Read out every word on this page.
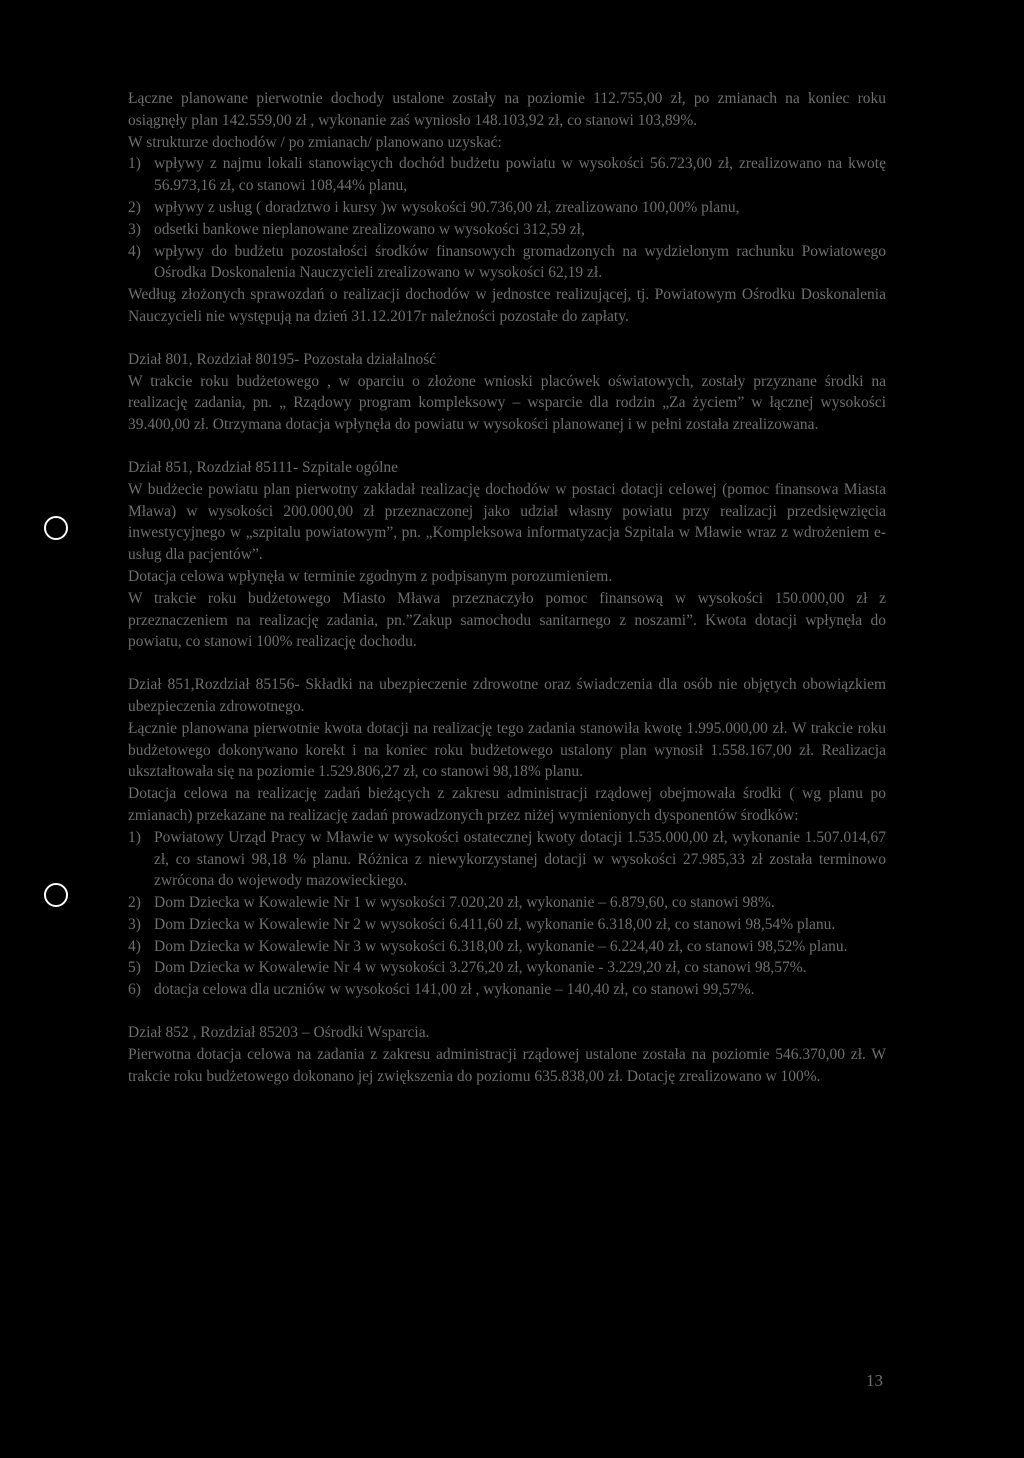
Łączne planowane pierwotnie dochody ustalone zostały na poziomie 112.755,00 zł, po zmianach na koniec roku osiągnęły plan 142.559,00 zł , wykonanie zaś wyniosło 148.103,92 zł, co stanowi 103,89%.

W strukturze dochodów / po zmianach/ planowano uzyskać:

1) wpływy z najmu lokali stanowiących dochód budżetu powiatu w wysokości 56.723,00 zł, zrealizowano na kwotę 56.973,16 zł, co stanowi 108,44% planu,
2) wpływy z usług ( doradztwo i kursy )w wysokości 90.736,00 zł, zrealizowano 100,00% planu,
3) odsetki bankowe nieplanowane zrealizowano w wysokości 312,59 zł,
4) wpływy do budżetu pozostałości środków finansowych gromadzonych na wydzielonym rachunku Powiatowego Ośrodka Doskonalenia Nauczycieli zrealizowano w wysokości 62,19 zł.

Według złożonych sprawozdań o realizacji dochodów w jednostce realizującej, tj. Powiatowym Ośrodku Doskonalenia Nauczycieli nie występują na dzień 31.12.2017r należności pozostałe do zapłaty.

Dział 801, Rozdział 80195- Pozostała działalność

W trakcie roku budżetowego , w oparciu o złożone wnioski placówek oświatowych, zostały przyznane środki na realizację zadania, pn. „ Rządowy program kompleksowy – wsparcie dla rodzin „Za życiem” w łącznej wysokości 39.400,00 zł. Otrzymana dotacja wpłynęła do powiatu w wysokości planowanej i w pełni została zrealizowana.

Dział 851, Rozdział 85111- Szpitale ogólne

W budżecie powiatu plan pierwotny zakładał realizację dochodów w postaci dotacji celowej (pomoc finansowa Miasta Mława) w wysokości 200.000,00 zł przeznaczonej jako udział własny powiatu przy realizacji przedsięwzięcia inwestycyjnego w „szpitalu powiatowym”, pn. „Kompleksowa informatyzacja Szpitala w Mławie wraz z wdrożeniem e-usług dla pacjentów”.

Dotacja celowa wpłynęła w terminie zgodnym z podpisanym porozumieniem.

W trakcie roku budżetowego Miasto Mława przeznaczyło pomoc finansową w wysokości 150.000,00 zł z przeznaczeniem na realizację zadania, pn.”Zakup samochodu sanitarnego z noszami”. Kwota dotacji wpłynęła do powiatu, co stanowi 100% realizację dochodu.

Dział 851,Rozdział 85156- Składki na ubezpieczenie zdrowotne oraz świadczenia dla osób nie objętych obowiązkiem ubezpieczenia zdrowotnego.

Łącznie planowana pierwotnie kwota dotacji na realizację tego zadania stanowiła kwotę 1.995.000,00 zł. W trakcie roku budżetowego dokonywano korekt i na koniec roku budżetowego ustalony plan wynosił 1.558.167,00 zł. Realizacja ukształtowała się na poziomie 1.529.806,27 zł, co stanowi 98,18% planu.

Dotacja celowa na realizację zadań bieżących z zakresu administracji rządowej obejmowała środki ( wg planu po zmianach) przekazane na realizację zadań prowadzonych przez niżej wymienionych dysponentów środków:

1) Powiatowy Urząd Pracy w Mławie w wysokości ostatecznej kwoty dotacji 1.535.000,00 zł, wykonanie 1.507.014,67 zł, co stanowi 98,18 % planu. Różnica z niewykorzystanej dotacji w wysokości 27.985,33 zł została terminowo zwrócona do wojewody mazowieckiego.
2) Dom Dziecka w Kowalewie Nr 1 w wysokości 7.020,20 zł, wykonanie – 6.879,60, co stanowi 98%.
3) Dom Dziecka w Kowalewie Nr 2 w wysokości 6.411,60 zł, wykonanie 6.318,00 zł, co stanowi 98,54% planu.
4) Dom Dziecka w Kowalewie Nr 3 w wysokości 6.318,00 zł, wykonanie – 6.224,40 zł, co stanowi 98,52% planu.
5) Dom Dziecka w Kowalewie Nr 4 w wysokości 3.276,20 zł, wykonanie - 3.229,20 zł, co stanowi 98,57%.
6) dotacja celowa dla uczniów w wysokości 141,00 zł , wykonanie – 140,40 zł, co stanowi 99,57%.

Dział 852 , Rozdział 85203 – Ośrodki Wsparcia.

Pierwotna dotacja celowa na zadania z zakresu administracji rządowej ustalone została na poziomie 546.370,00 zł. W trakcie roku budżetowego dokonano jej zwiększenia do poziomu 635.838,00 zł. Dotację zrealizowano w 100%.

13
